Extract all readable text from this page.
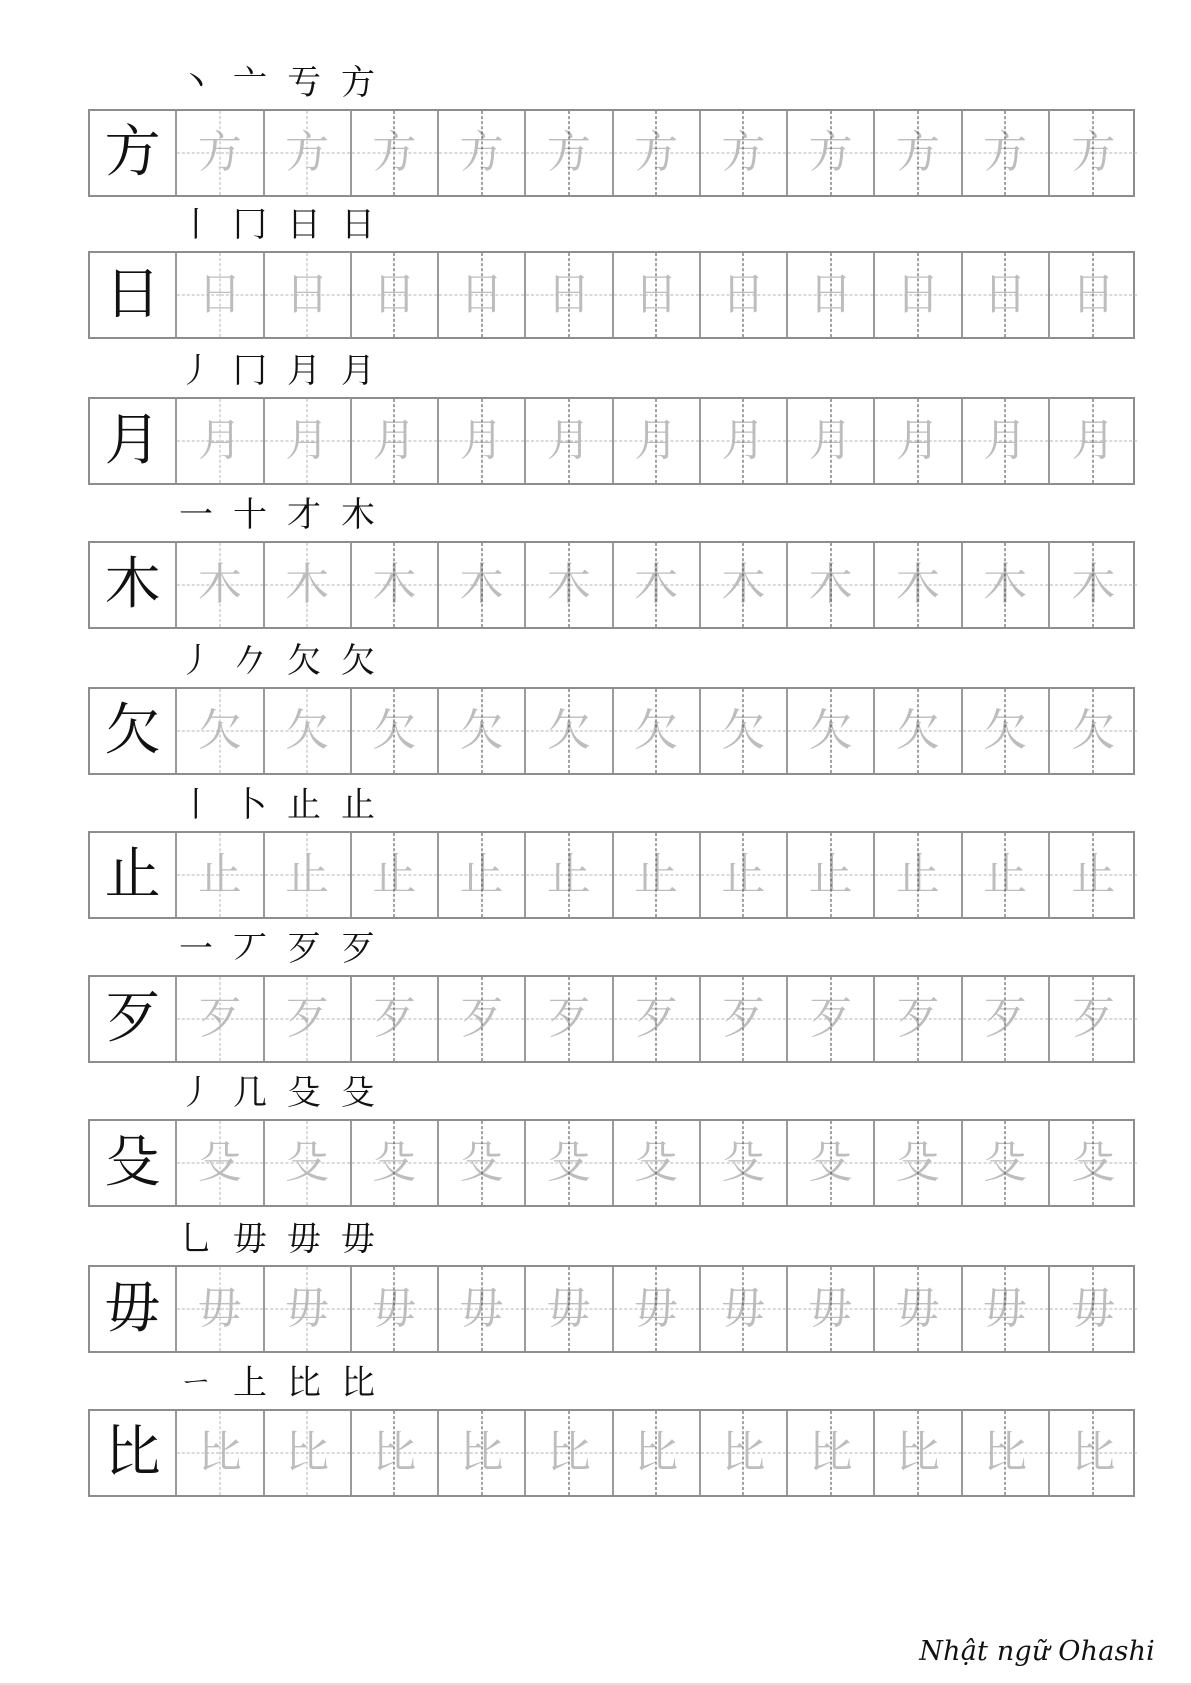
丶 亠 亐 方
方 方 方 方 方 方 方 方 方 方 方	方
丨 冂 日 日
日 日 日 日 日 日 日 日 日 日 日	日
丿 冂 月 月
月 月 月 月 月 月 月 月 月 月 月	月
一 十 才 木
木 木 木 木 木 木 木 木 木 木 木	木
丿 𠂊 欠 欠
欠 欠 欠 欠 欠 欠 欠 欠 欠 欠 欠	欠
丨 卜 止 止
止 止 止 止 止 止 止 止 止 止 止	止
一 丆 歹 歹
歹 歹 歹 歹 歹 歹 歹 歹 歹 歹 歹	歹
丿 几 殳 殳
殳 殳 殳 殳 殳 殳 殳 殳 殳 殳 殳	殳
乚 毋 毋 毋
毋 毋 毋 毋 毋 毋 毋 毋 毋 毋 毋	毋
ㄧ 上 比 比
比 比 比 比 比 比 比 比 比 比 比	比
Nhật ngữ Ohashi
